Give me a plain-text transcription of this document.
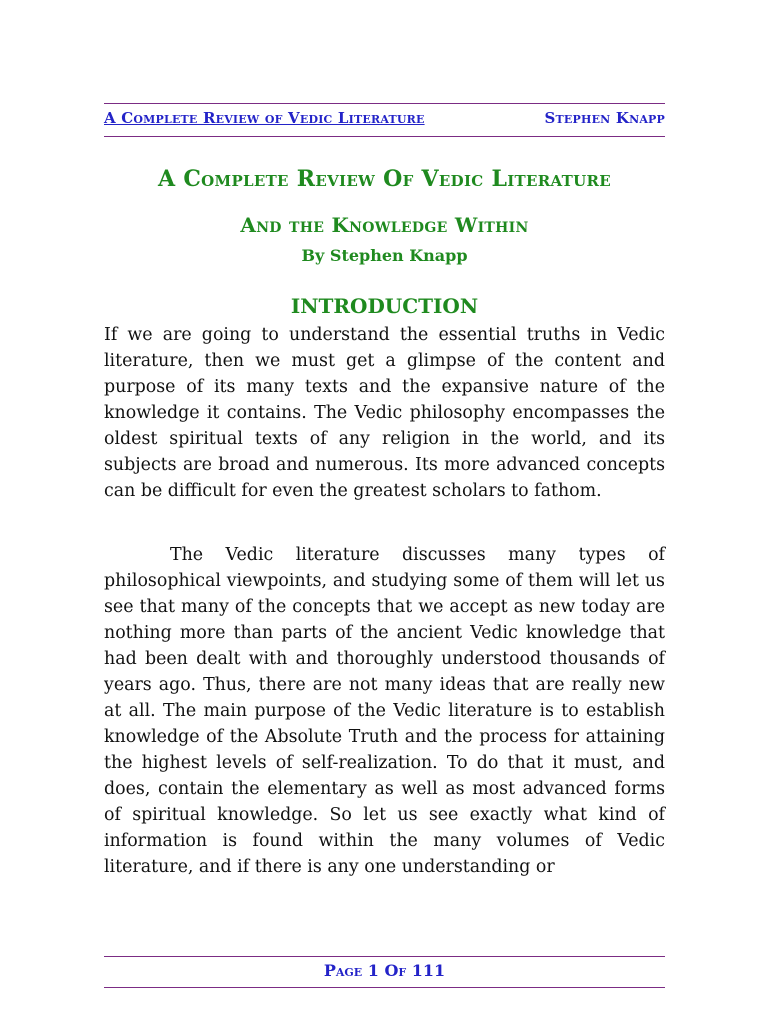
A Complete Review of Vedic Literature	Stephen Knapp
A Complete Review Of Vedic Literature
And the Knowledge Within
By Stephen Knapp
INTRODUCTION

If we are going to understand the essential truths in Vedic literature, then we must get a glimpse of the content and purpose of its many texts and the expansive nature of the knowledge it contains. The Vedic philosophy encompasses the oldest spiritual texts of any religion in the world, and its subjects are broad and numerous. Its more advanced concepts can be difficult for even the greatest scholars to fathom.

The Vedic literature discusses many types of philosophical viewpoints, and studying some of them will let us see that many of the concepts that we accept as new today are nothing more than parts of the ancient Vedic knowledge that had been dealt with and thoroughly understood thousands of years ago. Thus, there are not many ideas that are really new at all. The main purpose of the Vedic literature is to establish knowledge of the Absolute Truth and the process for attaining the highest levels of self-realization. To do that it must, and does, contain the elementary as well as most advanced forms of spiritual knowledge. So let us see exactly what kind of information is found within the many volumes of Vedic literature, and if there is any one understanding or

Page 1 Of 111
